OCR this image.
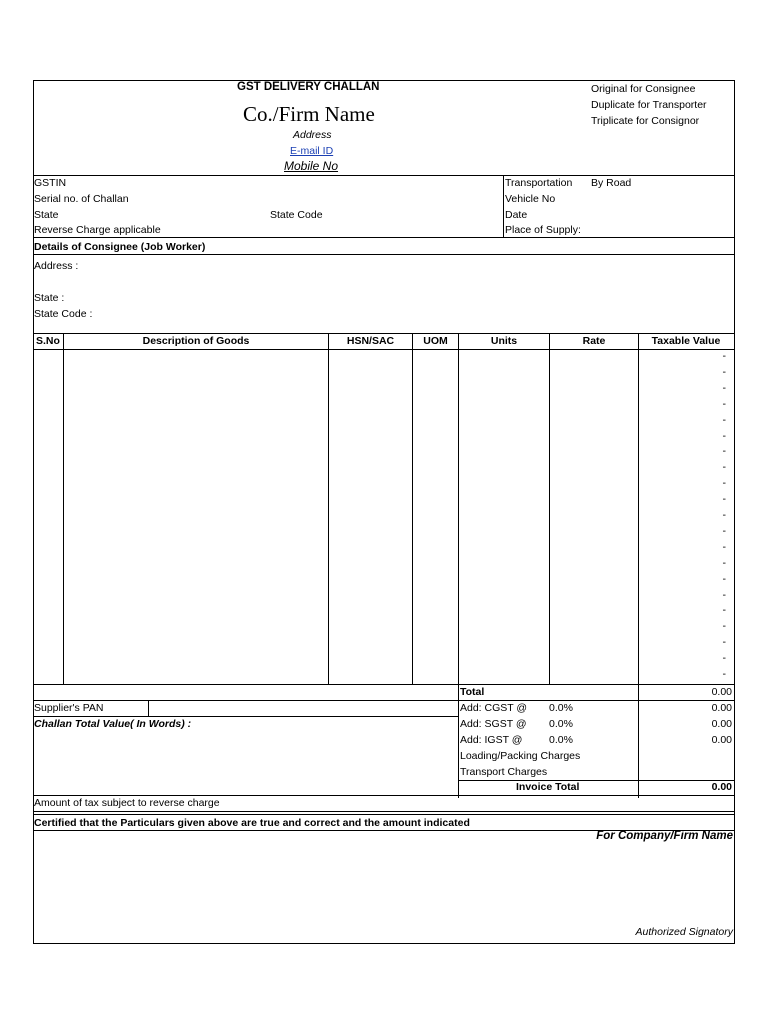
GST DELIVERY CHALLAN
Co./Firm Name
Address
E-mail ID
Mobile No
Original for Consignee
Duplicate for Transporter
Triplicate for Consignor
GSTIN
Serial no. of Challan
State	State Code
Reverse Charge applicable
Transportation By Road
Vehicle No
Date
Place of Supply:
Details of Consignee (Job Worker)
Address :
State :
State Code :
S.No	Description of Goods	HSN/SAC	UOM	Units	Rate	Taxable Value
-
-
-
-
-
-
-
-
-
-
-
-
-
-
-
-
-
-
-
-
-
Total	0.00
Supplier's PAN
Challan Total Value( In Words) :
Add: CGST @ 0.0%	0.00
Add: SGST @ 0.0%	0.00
Add: IGST @	0.0%	0.00
Loading/Packing Charges
Transport Charges
Invoice Total	0.00
Amount of tax subject to reverse charge
Certified that the Particulars given above are true and correct and the amount indicated
For Company/Firm Name
Authorized Signatory
